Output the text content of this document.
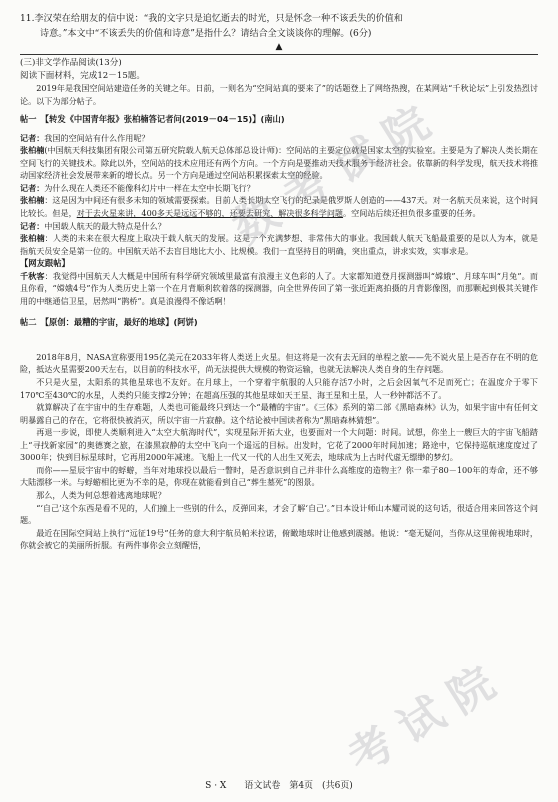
11.李汉荣在给朋友的信中说：“我的文字只是追忆逝去的时光，只是怀念一种不该丢失的价值和
诗意。”本文中“不该丢失的价值和诗意”是指什么？请结合全文谈谈你的理解。(6分)

▲

(三)非文学作品阅读(13分)

阅读下面材料，完成12－15题。

2019年是我国空间站建造任务的关键之年。日前，一则名为“空间站真的要来了”的话题登上了网络热搜，在某网站“千秋论坛”上引发热烈讨论。以下为部分帖子。

帖一　【转发《中国青年报》张柏楠答记者问(2019－04－15)】(南山)

记者：我国的空间站有什么作用呢？

张柏楠(中国航天科技集团有限公司第五研究院载人航天总体部总设计师)：空间站的主要定位就是国家太空的实验室。主要是为了解决人类长期在空间飞行的关键技术。除此以外，空间站的技术应用还有两个方向。一个方向是要推动天技术服务于经济社会。依靠新的科学发现，航天技术将推动国家经济社会发展带来新的增长点。另一个方向是通过空间站积累探索太空的经验。

记者：为什么现在人类还不能像科幻片中一样在太空中长期飞行？

张柏楠：这是因为中间还有很多未知的领域需要探索。目前人类长期太空飞行的纪录是俄罗斯人创造的——437天。对一名航天员来说，这个时间比较长。但是，对于去火星来讲，400多天是远远不够的，还要去研究、解决很多科学问题。空间站后续还担负很多重要的任务。

记者：中国载人航天的最大特点是什么？

张柏楠：人类的未来在很大程度上取决于载人航天的发展。这是一个充满梦想、非常伟大的事业。我国载人航天飞船最重要的是以人为本，就是指航天员安全是第一位的。中国航天站不去盲目地比大小、比规模。我们一直坚持目的明确，突出重点，讲求实效，实事求是。

【网友跟帖】

千秋客：我觉得中国航天人大概是中国所有科学研究领域里最富有浪漫主义色彩的人了。大家都知道登月探测器叫“嫦娥”、月球车叫“月兔”。而且你看，“嫦娥4号”作为人类历史上第一个在月背顺利软着落的探测器，向全世界传回了第一张近距离拍摄的月背影像图，而那颗起到极其关键作用的中继通信卫星，居然叫“鹊桥”。真是浪漫得不像话啊！

帖二　【原创：最糟的宇宙，最好的地球】(阿饼)

2018年8月，NASA宣称要用195亿美元在2033年将人类送上火星。但这将是一次有去无回的单程之旅——先不说火星上是否存在不明的危险，抵达火星需要200天左右，以目前的科技水平，尚无法提供大规模的物资运输，也就无法解决人类自身的生存问题。

不只是火星，太阳系的其他星球也不友好。在月球上，一个穿着宇航服的人只能存活7小时，之后会因氧气不足而死亡；在温度介于零下170℃至430℃的水星，人类约只能支撑2分钟；在超高压强的其他星球如天王星、海王星和土星，人一秒钟都活不了。

就算解决了在宇宙中的生存难题，人类也可能最终只到达一个“最糟的宇宙”。《三体》系列的第二部《黑暗森林》认为，如果宇宙中有任何文明暴露自己的存在，它将很快被消灭，所以宇宙一片寂静。这个结论被中国读者称为“黑暗森林猜想”。

再退一步说，即使人类顺利进入“太空大航海时代”，实现星际开拓大业，也要面对一个大问题：时间。试想，你坐上一艘巨大的宇宙飞船踏上“寻找新家园”的奥德赛之旅，在漆黑寂静的太空中飞向一个遥远的目标。出发时，它花了2000年时间加速；路途中，它保持巡航速度度过了3000年；快到目标星球时，它再用2000年减速。飞船上一代又一代的人出生又死去，地球成为上古时代虚无缥缈的梦幻。

而你——星辰宇宙中的蜉蝣，当年对地球投以最后一瞥时，是否意识到自己并非什么高维度的造物主？你一辈子80－100年的寿命，还不够大陆漂移一米。与蜉蝣相比更为不幸的是，你现在就能看到自己“葬生墓死”的图景。

那么，人类为何总想着逃离地球呢？

“‘自己’这个东西是看不见的，人们撞上一些别的什么，反弹回来，才会了解‘自己’。”日本设计师山本耀司说的这句话，很适合用来回答这个问题。

最近在国际空间站上执行“远征19号”任务的意大利宇航员帕米拉诺，俯瞰地球时让他感到震撼。他说：“毫无疑问，当你从这里俯视地球时，你就会被它的美丽所折服。有两件事你会立刻醒悟，

数
考
试
院
考
试
院
S · X　　语文试卷　第4页　(共6页)
